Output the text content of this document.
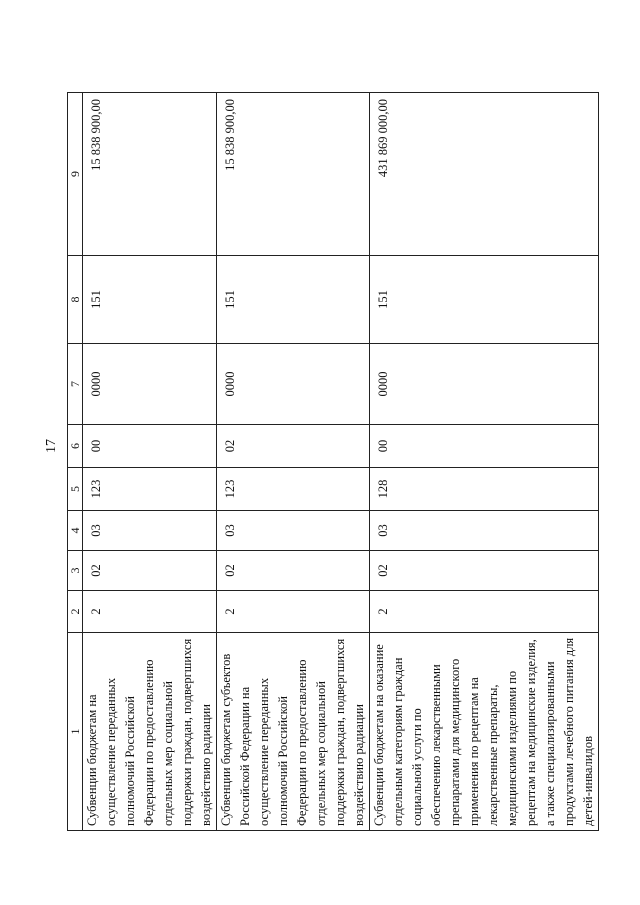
17
1	2	3	4	5	6	7	8	9
Субвенции бюджетам на осуществление переданных полномочий Российской Федерации по предоставлению отдельных мер социальной поддержки граждан, подвергшихся воздействию радиации	2	02	03	123	00	0000	151	15 838 900,00
Субвенции бюджетам субъектов Российской Федерации на осуществление переданных полномочий Российской Федерации по предоставлению отдельных мер социальной поддержки граждан, подвергшихся воздействию радиации	2	02	03	123	02	0000	151	15 838 900,00
Субвенции бюджетам на оказание отдельным категориям граждан социальной услуги по обеспечению лекарственными препаратами для медицинского применения по рецептам на лекарственные препараты, медицинскими изделиями по рецептам на медицинские изделия, а также специализированными продуктами лечебного питания для детей-инвалидов	2	02	03	128	00	0000	151	431 869 000,00
